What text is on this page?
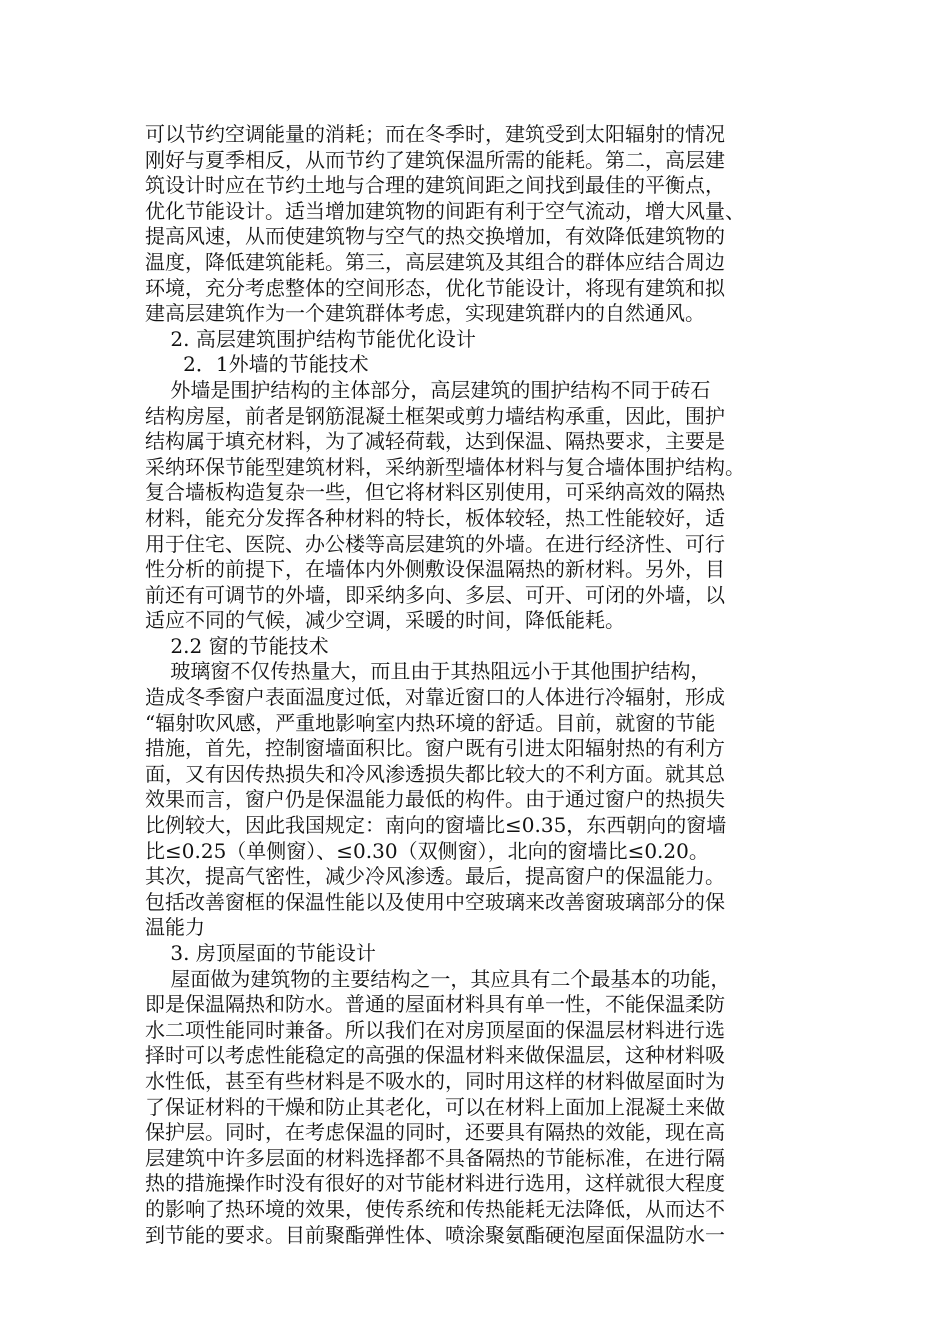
可以节约空调能量的消耗；而在冬季时，建筑受到太阳辐射的情况
刚好与夏季相反，从而节约了建筑保温所需的能耗。第二，高层建
筑设计时应在节约土地与合理的建筑间距之间找到最佳的平衡点，
优化节能设计。适当增加建筑物的间距有利于空气流动，增大风量、
提高风速，从而使建筑物与空气的热交换增加，有效降低建筑物的
温度，降低建筑能耗。第三，高层建筑及其组合的群体应结合周边
环境，充分考虑整体的空间形态，优化节能设计，将现有建筑和拟
建高层建筑作为一个建筑群体考虑，实现建筑群内的自然通风。
2. 高层建筑围护结构节能优化设计
2．1外墙的节能技术
外墙是围护结构的主体部分，高层建筑的围护结构不同于砖石
结构房屋，前者是钢筋混凝土框架或剪力墙结构承重，因此，围护
结构属于填充材料，为了减轻荷载，达到保温、隔热要求，主要是
采纳环保节能型建筑材料，采纳新型墙体材料与复合墙体围护结构。
复合墙板构造复杂一些，但它将材料区别使用，可采纳高效的隔热
材料，能充分发挥各种材料的特长，板体较轻，热工性能较好，适
用于住宅、医院、办公楼等高层建筑的外墙。在进行经济性、可行
性分析的前提下，在墙体内外侧敷设保温隔热的新材料。另外，目
前还有可调节的外墙，即采纳多向、多层、可开、可闭的外墙，以
适应不同的气候，减少空调，采暖的时间，降低能耗。
2.2 窗的节能技术
玻璃窗不仅传热量大，而且由于其热阻远小于其他围护结构，
造成冬季窗户表面温度过低，对靠近窗口的人体进行冷辐射，形成
“辐射吹风感，严重地影响室内热环境的舒适。目前，就窗的节能
措施，首先，控制窗墙面积比。窗户既有引进太阳辐射热的有利方
面，又有因传热损失和冷风渗透损失都比较大的不利方面。就其总
效果而言，窗户仍是保温能力最低的构件。由于通过窗户的热损失
比例较大，因此我国规定：南向的窗墙比≤0.35，东西朝向的窗墙
比≤0.25（单侧窗）、≤0.30（双侧窗），北向的窗墙比≤0.20。
其次，提高气密性，减少冷风渗透。最后，提高窗户的保温能力。
包括改善窗框的保温性能以及使用中空玻璃来改善窗玻璃部分的保
温能力
3. 房顶屋面的节能设计
屋面做为建筑物的主要结构之一，其应具有二个最基本的功能，
即是保温隔热和防水。普通的屋面材料具有单一性，不能保温柔防
水二项性能同时兼备。所以我们在对房顶屋面的保温层材料进行选
择时可以考虑性能稳定的高强的保温材料来做保温层，这种材料吸
水性低，甚至有些材料是不吸水的，同时用这样的材料做屋面时为
了保证材料的干燥和防止其老化，可以在材料上面加上混凝土来做
保护层。同时，在考虑保温的同时，还要具有隔热的效能，现在高
层建筑中许多层面的材料选择都不具备隔热的节能标准，在进行隔
热的措施操作时没有很好的对节能材料进行选用，这样就很大程度
的影响了热环境的效果，使传系统和传热能耗无法降低，从而达不
到节能的要求。目前聚酯弹性体、喷涂聚氨酯硬泡屋面保温防水一
